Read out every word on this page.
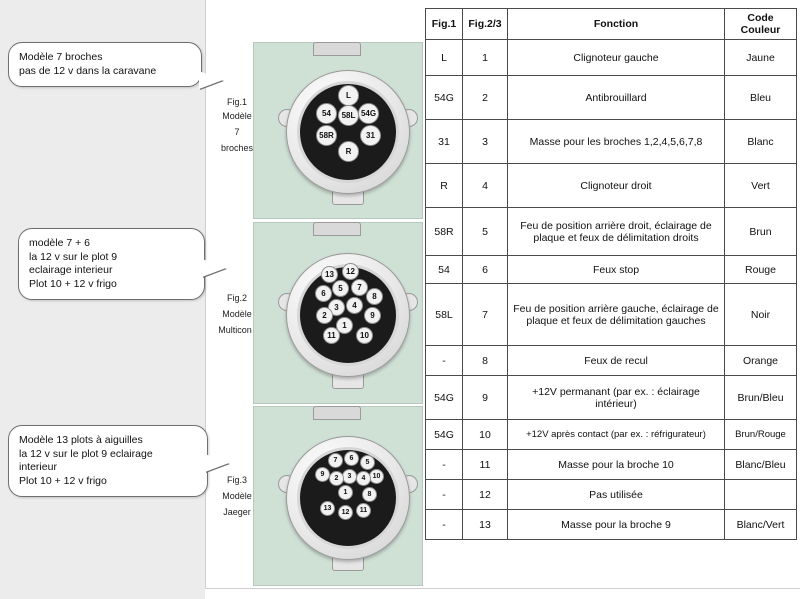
54	54G
L
58L
58R	31
R
Fig.1
Modèle
7
broches
13	12
6
5	7
8
9
4
3
2
1
11	10
Fig.2
Modèle
Multicon
7	6
5
9	10
4
3
2
1	8
13
12	11
Fig.3
Modèle
Jaeger
Fig.1	Fig.2/3	Fonction	Code
Couleur

L	1	Clignoteur gauche	Jaune
54G	2	Antibrouillard	Bleu
31	3	Masse pour les broches 1,2,4,5,6,7,8	Blanc
R	4	Clignoteur droit	Vert
58R	5	Feu de position arrière droit, éclairage de plaque et feux de délimitation droits	Brun
54	6	Feux stop	Rouge
58L	7	Feu de position arrière gauche, éclairage de plaque et feux de délimitation gauches	Noir
-	8	Feux de recul	Orange
54G	9	+12V permanant (par ex. : éclairage intérieur)	Brun/Bleu
54G	10	+12V après contact (par ex. : réfrigurateur)	Brun/Rouge
-	11	Masse pour la broche 10	Blanc/Bleu
-	12	Pas utilisée	
-	13	Masse pour la broche 9	Blanc/Vert

Modèle 7 broches

pas de 12 v dans la caravane

modèle 7 + 6

la 12 v sur le plot 9

eclairage interieur

Plot 10 + 12 v frigo

Modèle 13 plots à aiguilles

la 12 v sur le plot 9 eclairage

interieur

Plot 10 + 12 v frigo
